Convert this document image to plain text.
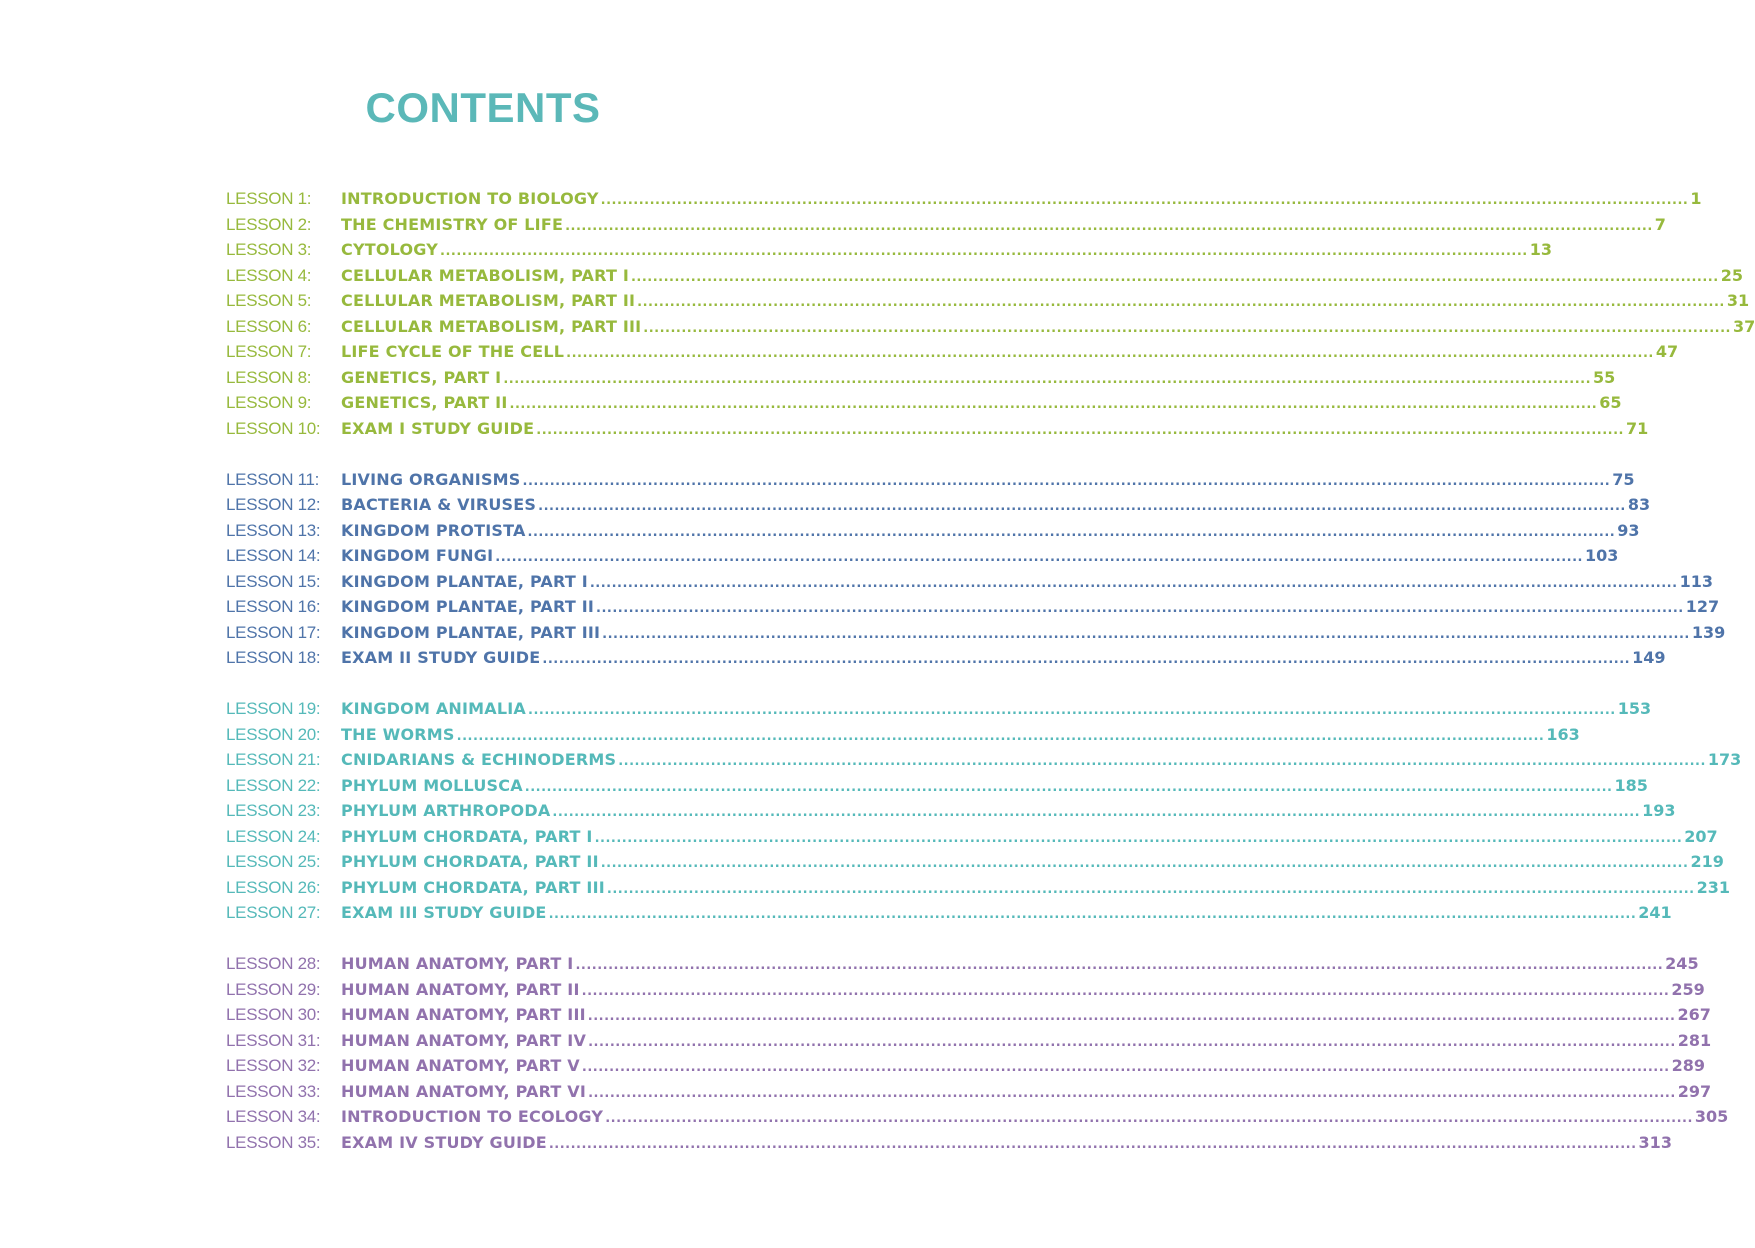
CONTENTS
LESSON 1:	INTRODUCTION TO BIOLOGY ........................................................................................................................................................................................................ 1
LESSON 2:	THE CHEMISTRY OF LIFE ........................................................................................................................................................................................................ 7
LESSON 3:	CYTOLOGY ........................................................................................................................................................................................................ 13
LESSON 4:	CELLULAR METABOLISM, PART I ........................................................................................................................................................................................................ 25
LESSON 5:	CELLULAR METABOLISM, PART II ........................................................................................................................................................................................................ 31
LESSON 6:	CELLULAR METABOLISM, PART III ........................................................................................................................................................................................................ 37
LESSON 7:	LIFE CYCLE OF THE CELL ........................................................................................................................................................................................................ 47
LESSON 8:	GENETICS, PART I ........................................................................................................................................................................................................ 55
LESSON 9:	GENETICS, PART II ........................................................................................................................................................................................................ 65
LESSON 10:	EXAM I STUDY GUIDE ........................................................................................................................................................................................................ 71
LESSON 11:	LIVING ORGANISMS ........................................................................................................................................................................................................ 75
LESSON 12:	BACTERIA & VIRUSES ........................................................................................................................................................................................................ 83
LESSON 13:	KINGDOM PROTISTA ........................................................................................................................................................................................................ 93
LESSON 14:	KINGDOM FUNGI ........................................................................................................................................................................................................ 103
LESSON 15:	KINGDOM PLANTAE, PART I ........................................................................................................................................................................................................ 113
LESSON 16:	KINGDOM PLANTAE, PART II ........................................................................................................................................................................................................ 127
LESSON 17:	KINGDOM PLANTAE, PART III ........................................................................................................................................................................................................ 139
LESSON 18:	EXAM II STUDY GUIDE ........................................................................................................................................................................................................ 149
LESSON 19:	KINGDOM ANIMALIA ........................................................................................................................................................................................................ 153
LESSON 20:	THE WORMS ........................................................................................................................................................................................................ 163
LESSON 21:	CNIDARIANS & ECHINODERMS ........................................................................................................................................................................................................ 173
LESSON 22:	PHYLUM MOLLUSCA ........................................................................................................................................................................................................ 185
LESSON 23:	PHYLUM ARTHROPODA ........................................................................................................................................................................................................ 193
LESSON 24:	PHYLUM CHORDATA, PART I ........................................................................................................................................................................................................ 207
LESSON 25:	PHYLUM CHORDATA, PART II ........................................................................................................................................................................................................ 219
LESSON 26:	PHYLUM CHORDATA, PART III ........................................................................................................................................................................................................ 231
LESSON 27:	EXAM III STUDY GUIDE ........................................................................................................................................................................................................ 241
LESSON 28:	HUMAN ANATOMY, PART I ........................................................................................................................................................................................................ 245
LESSON 29:	HUMAN ANATOMY, PART II ........................................................................................................................................................................................................ 259
LESSON 30:	HUMAN ANATOMY, PART III ........................................................................................................................................................................................................ 267
LESSON 31:	HUMAN ANATOMY, PART IV ........................................................................................................................................................................................................ 281
LESSON 32:	HUMAN ANATOMY, PART V ........................................................................................................................................................................................................ 289
LESSON 33:	HUMAN ANATOMY, PART VI ........................................................................................................................................................................................................ 297
LESSON 34:	INTRODUCTION TO ECOLOGY ........................................................................................................................................................................................................ 305
LESSON 35:	EXAM IV STUDY GUIDE ........................................................................................................................................................................................................ 313
